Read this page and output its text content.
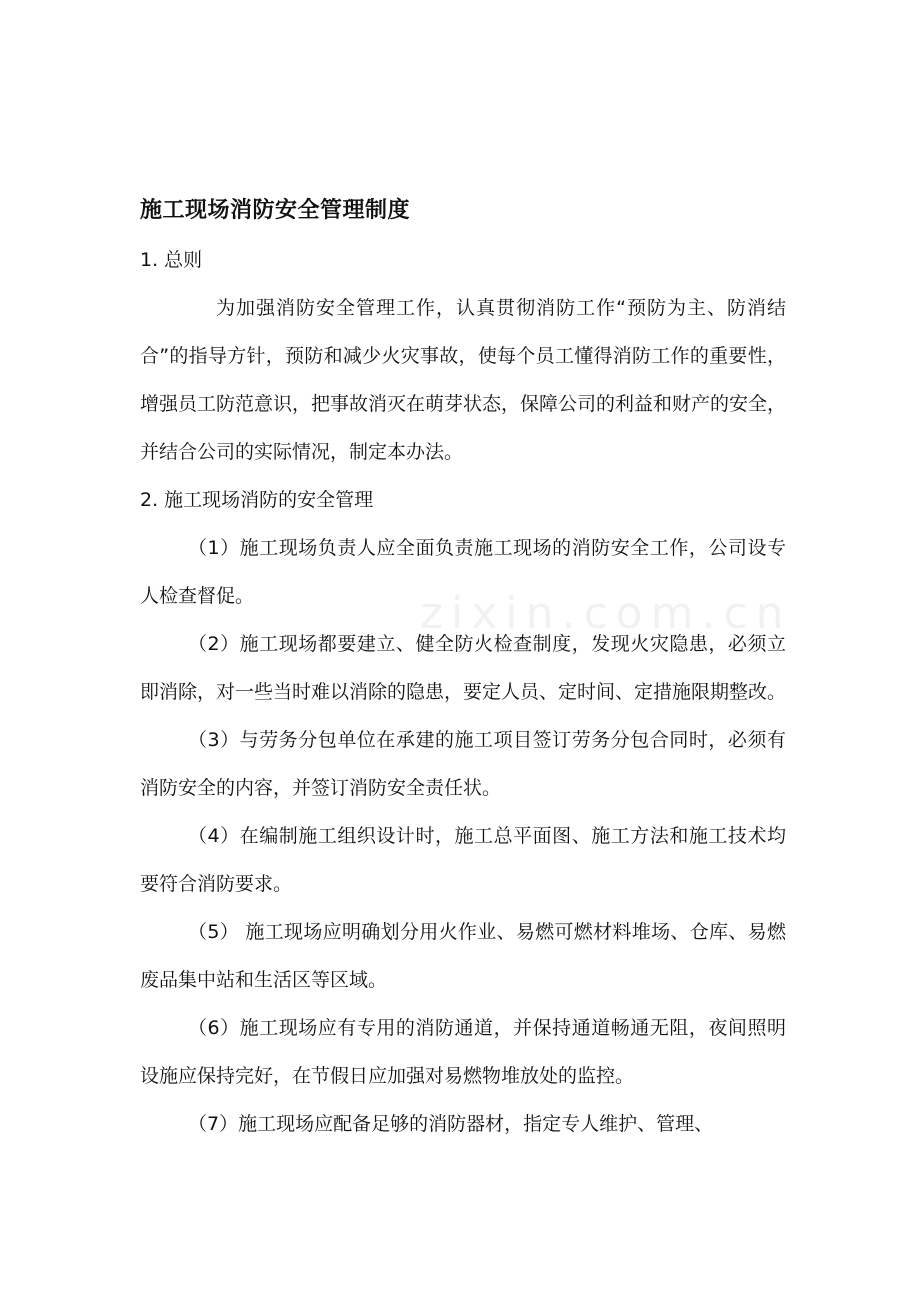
zixin.com.cn
施工现场消防安全管理制度

1. 总则

为加强消防安全管理工作，认真贯彻消防工作“预防为主、防消结合”的指导方针，预防和减少火灾事故，使每个员工懂得消防工作的重要性，增强员工防范意识，把事故消灭在萌芽状态，保障公司的利益和财产的安全，并结合公司的实际情况，制定本办法。

2. 施工现场消防的安全管理

（1）施工现场负责人应全面负责施工现场的消防安全工作，公司设专人检查督促。

（2）施工现场都要建立、健全防火检查制度，发现火灾隐患，必须立即消除，对一些当时难以消除的隐患，要定人员、定时间、定措施限期整改。

（3）与劳务分包单位在承建的施工项目签订劳务分包合同时，必须有消防安全的内容，并签订消防安全责任状。

（4）在编制施工组织设计时，施工总平面图、施工方法和施工技术均要符合消防要求。

（5） 施工现场应明确划分用火作业、易燃可燃材料堆场、仓库、易燃废品集中站和生活区等区域。

（6）施工现场应有专用的消防通道，并保持通道畅通无阻，夜间照明设施应保持完好，在节假日应加强对易燃物堆放处的监控。

（7）施工现场应配备足够的消防器材，指定专人维护、管理、
